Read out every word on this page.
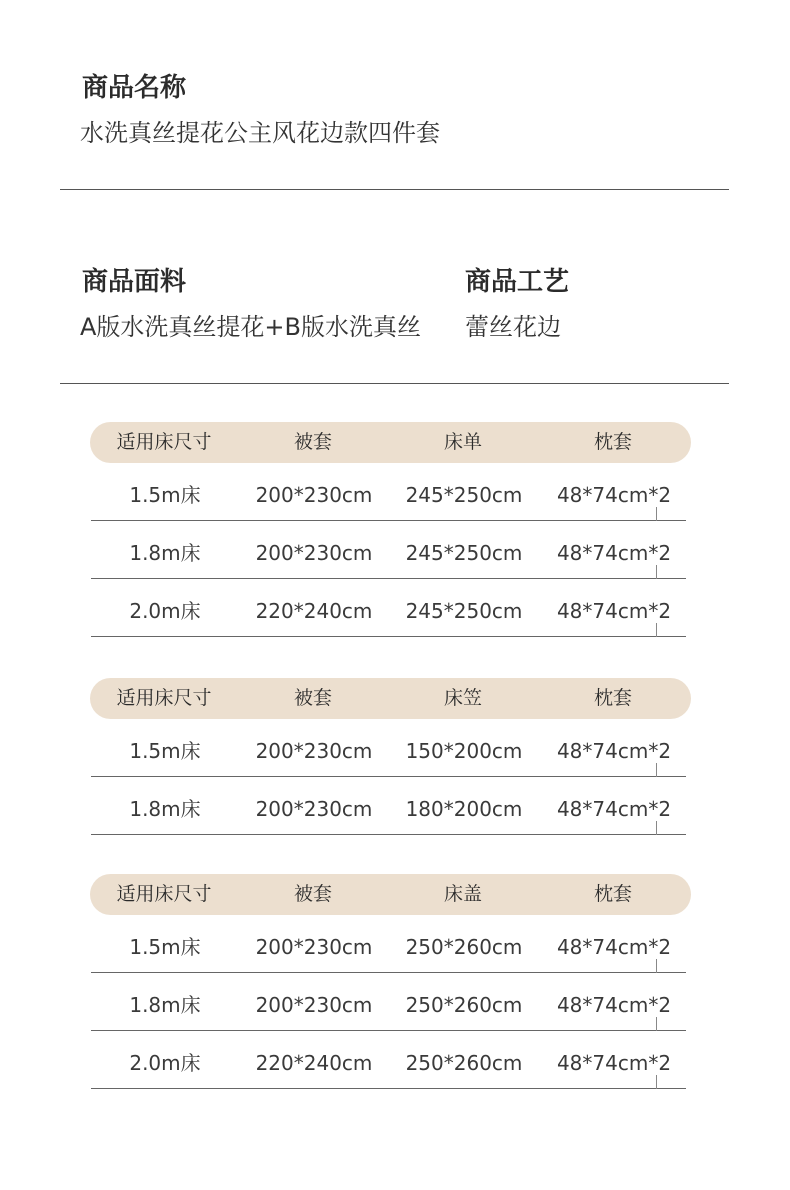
商品名称
水洗真丝提花公主风花边款四件套
商品面料
A版水洗真丝提花+B版水洗真丝
商品工艺
蕾丝花边
适用床尺寸	被套	床单	枕套
1.5m床	200*230cm	245*250cm	48*74cm*2
1.8m床	200*230cm	245*250cm	48*74cm*2
2.0m床	220*240cm	245*250cm	48*74cm*2
适用床尺寸	被套	床笠	枕套
1.5m床	200*230cm	150*200cm	48*74cm*2
1.8m床	200*230cm	180*200cm	48*74cm*2
适用床尺寸	被套	床盖	枕套
1.5m床	200*230cm	250*260cm	48*74cm*2
1.8m床	200*230cm	250*260cm	48*74cm*2
2.0m床	220*240cm	250*260cm	48*74cm*2
